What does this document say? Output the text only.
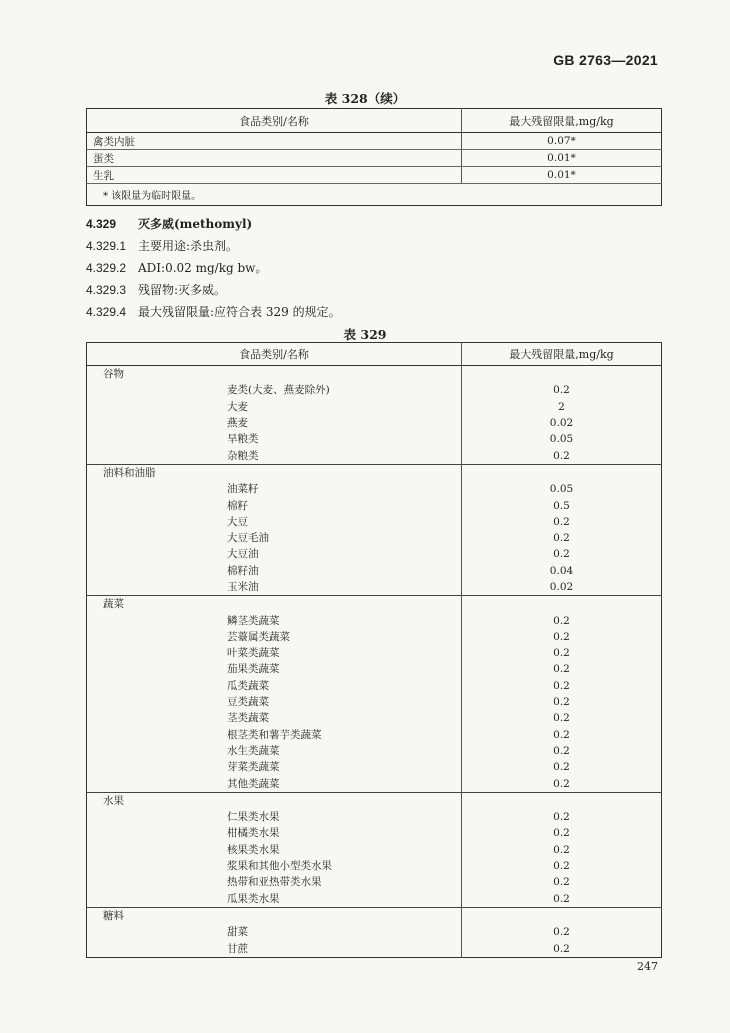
GB 2763—2021
表 328（续）
食品类别/名称	最大残留限量,mg/kg
禽类内脏	0.07*
蛋类	0.01*
生乳	0.01*
* 该限量为临时限量。	
4.329 灭多威(methomyl)
4.329.1 主要用途:杀虫剂。
4.329.2 ADI:0.02 mg/kg bw。
4.329.3 残留物:灭多威。
4.329.4 最大残留限量:应符合表 329 的规定。
表 329
食品类别/名称	最大残留限量,mg/kg
谷物	
麦类(大麦、燕麦除外)	0.2
大麦	2
燕麦	0.02
旱粮类	0.05
杂粮类	0.2
油料和油脂	
油菜籽	0.05
棉籽	0.5
大豆	0.2
大豆毛油	0.2
大豆油	0.2
棉籽油	0.04
玉米油	0.02
蔬菜	
鳞茎类蔬菜	0.2
芸薹属类蔬菜	0.2
叶菜类蔬菜	0.2
茄果类蔬菜	0.2
瓜类蔬菜	0.2
豆类蔬菜	0.2
茎类蔬菜	0.2
根茎类和薯芋类蔬菜	0.2
水生类蔬菜	0.2
芽菜类蔬菜	0.2
其他类蔬菜	0.2
水果	
仁果类水果	0.2
柑橘类水果	0.2
核果类水果	0.2
浆果和其他小型类水果	0.2
热带和亚热带类水果	0.2
瓜果类水果	0.2
糖料	
甜菜	0.2
甘蔗	0.2
247
